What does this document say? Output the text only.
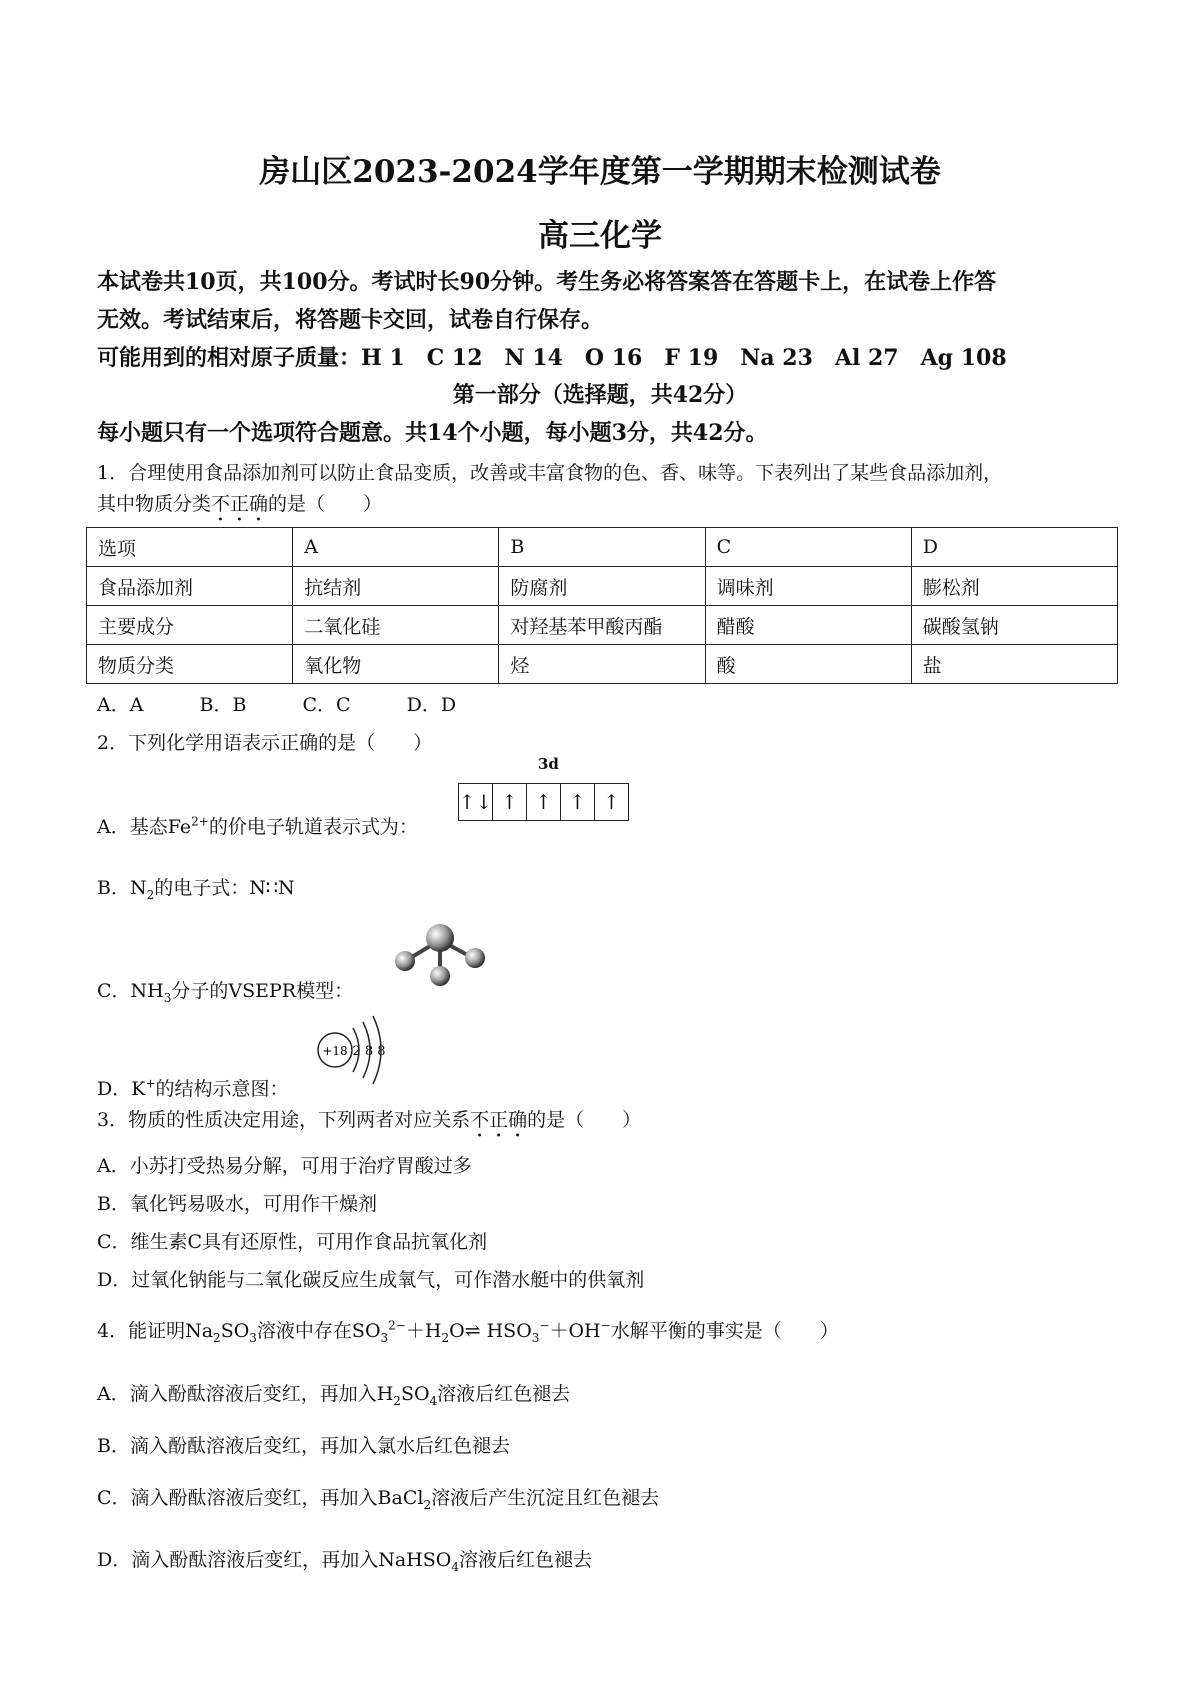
房山区2023-2024学年度第一学期期末检测试卷
高三化学
本试卷共10页，共100分。考试时长90分钟。考生务必将答案答在答题卡上，在试卷上作答
无效。考试结束后，将答题卡交回，试卷自行保存。
可能用到的相对原子质量：H 1　C 12　N 14　O 16　F 19　Na 23　Al 27　Ag 108
第一部分（选择题，共42分）
每小题只有一个选项符合题意。共14个小题，每小题3分，共42分。
1．合理使用食品添加剂可以防止食品变质，改善或丰富食物的色、香、味等。下表列出了某些食品添加剂，
其中物质分类不正确的是（　　）
选项	A	B	C	D
食品添加剂	抗结剂	防腐剂	调味剂	膨松剂
主要成分	二氧化硅	对羟基苯甲酸丙酯	醋酸	碳酸氢钠
物质分类	氧化物	烃	酸	盐
A．A	B．B	C．C	D．D
2．下列化学用语表示正确的是（　　）
A．基态$Fe^{2+}$的价电子轨道表示式为：
3d
↑↓ ↑ ↑ ↑ ↑
B．$N_2$的电子式：N∷N
C．$NH_3$分子的VSEPR模型：
D．K+的结构示意图：
+18 2 8 8
3．物质的性质决定用途，下列两者对应关系不正确的是（　　）
A．小苏打受热易分解，可用于治疗胃酸过多
B．氧化钙易吸水，可用作干燥剂
C．维生素C具有还原性，可用作食品抗氧化剂
D．过氧化钠能与二氧化碳反应生成氧气，可作潜水艇中的供氧剂
4．能证明$Na_2SO_3$溶液中存在$SO_3^{2-}+H_2O\rightleftharpoons$ $HSO_3^-+OH^-$水解平衡的事实是（　　）
A．滴入酚酞溶液后变红，再加入$H_2SO_4$溶液后红色褪去
B．滴入酚酞溶液后变红，再加入氯水后红色褪去
C．滴入酚酞溶液后变红，再加入BaCl$_2$溶液后产生沉淀且红色褪去
D．滴入酚酞溶液后变红，再加入NaHSO$_4$溶液后红色褪去
